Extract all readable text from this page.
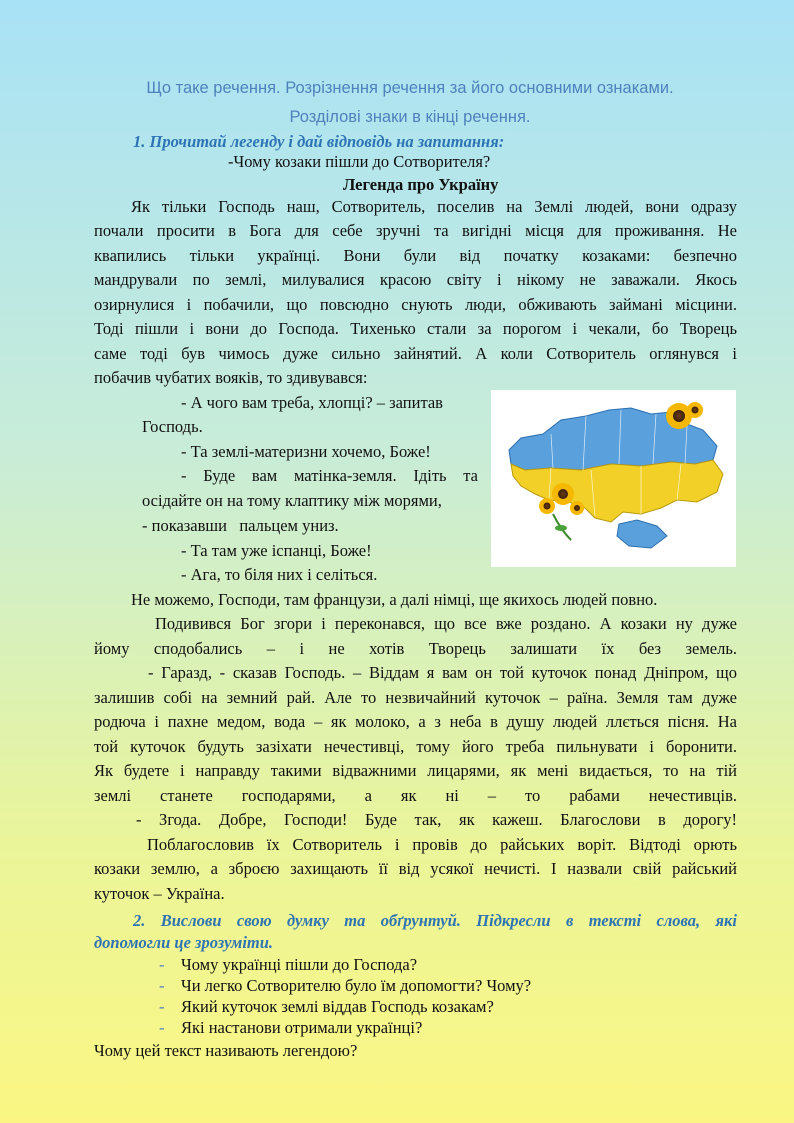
Що таке речення. Розрізнення речення за його основними ознаками.
Розділові знаки в кінці речення.
1. Прочитай легенду і дай відповідь на запитання:
-Чому козаки пішли до Сотворителя?
Легенда про Україну
Як тільки Господь наш, Сотворитель, поселив на Землі людей, вони одразу
почали просити в Бога для себе зручні та вигідні місця для проживання. Не
квапились тільки українці. Вони були від початку козаками: безпечно
мандрували по землі, милувалися красою світу і нікому не заважали. Якось
озирнулися і побачили, що повсюдно снують люди, обживають займані місцини.
Тоді пішли і вони до Господа. Тихенько стали за порогом і чекали, бо Творець
саме тоді був чимось дуже сильно зайнятий. А коли Сотворитель оглянувся і
побачив чубатих вояків, то здивувався:
- А чого вам треба, хлопці? – запитав
Господь.
- Та землі-материзни хочемо, Боже!
- Буде вам матінка-земля. Ідіть та
осідайте он на тому клаптику між морями,
- показавши   пальцем униз.
- Та там уже іспанці, Боже!
- Ага, то біля них і селіться.
Не можемо, Господи, там французи, а далі німці, ще якихось людей повно.
Подивився Бог згори і переконався, що все вже роздано. А козаки ну дуже
йому сподобались – і не хотів Творець залишати їх без земель.
- Гаразд, - сказав Господь. – Віддам я вам он той куточок понад Дніпром, що
залишив собі на земний рай. Але то незвичайний куточок – раїна. Земля там дуже
родюча і пахне медом, вода – як молоко, а з неба в душу людей ллється пісня. На
той куточок будуть зазіхати нечестивці, тому його треба пильнувати і боронити.
Як будете і направду такими відважними лицарями, як мені видається, то на тій
землі станете господарями, а як ні – то рабами нечестивців.
- Згода. Добре, Господи! Буде так, як кажеш. Благослови в дорогу!
Поблагословив їх Сотворитель і провів до райських воріт. Відтоді орють
козаки землю, а зброєю захищають її від усякої нечисті. І назвали свій райський
куточок – Україна.
2. Вислови свою думку та обґрунтуй. Підкресли в тексті слова, які
допомогли це зрозуміти.
- Чому українці пішли до Господа?
- Чи легко Сотворителю було їм допомогти? Чому?
- Який куточок землі віддав Господь козакам?
- Які настанови отримали українці?
Чому цей текст називають легендою?
